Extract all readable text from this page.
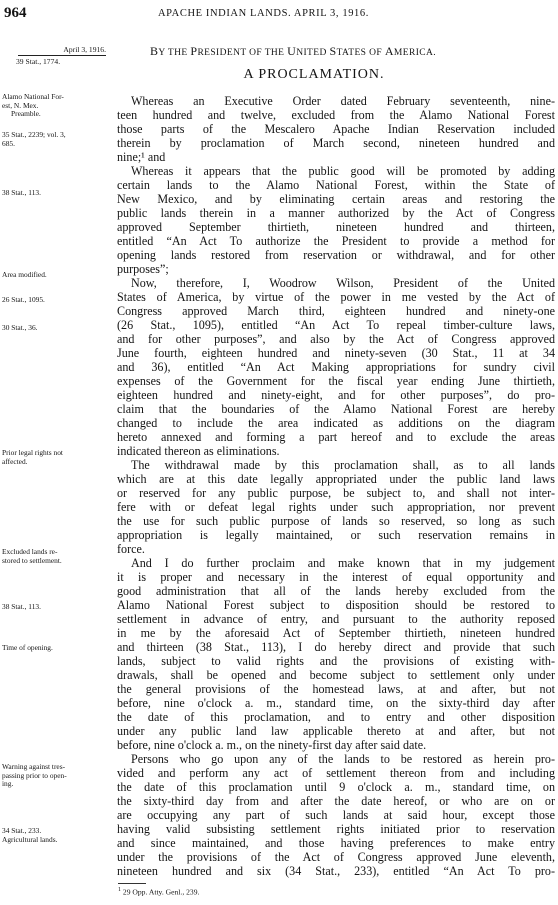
964	APACHE INDIAN LANDS. APRIL 3, 1916.
April 3, 1916.
39 Stat., 1774.
BY THE PRESIDENT OF THE UNITED STATES OF AMERICA.
A PROCLAMATION.
Alamo National For-
est, N. Mex.
Preamble.
35 Stat., 2239; vol. 3,
685.
38 Stat., 113.
Area modified.
26 Stat., 1095.
30 Stat., 36.
Prior legal rights not
affected.
Excluded lands re-
stored to settlement.
38 Stat., 113.
Time of opening.
Warning against tres-
passing prior to open-
ing.
34 Stat., 233.
Agricultural lands.
Whereas an Executive Order dated February seventeenth, nine-
teen hundred and twelve, excluded from the Alamo National Forest
those parts of the Mescalero Apache Indian Reservation included
therein by proclamation of March second, nineteen hundred and
nine;¹ and
Whereas it appears that the public good will be promoted by adding
certain lands to the Alamo National Forest, within the State of
New Mexico, and by eliminating certain areas and restoring the
public lands therein in a manner authorized by the Act of Congress
approved September thirtieth, nineteen hundred and thirteen,
entitled “An Act To authorize the President to provide a method for
opening lands restored from reservation or withdrawal, and for other
purposes”;
Now, therefore, I, Woodrow Wilson, President of the United
States of America, by virtue of the power in me vested by the Act of
Congress approved March third, eighteen hundred and ninety-one
(26 Stat., 1095), entitled “An Act To repeal timber-culture laws,
and for other purposes”, and also by the Act of Congress approved
June fourth, eighteen hundred and ninety-seven (30 Stat., 11 at 34
and 36), entitled “An Act Making appropriations for sundry civil
expenses of the Government for the fiscal year ending June thirtieth,
eighteen hundred and ninety-eight, and for other purposes”, do pro-
claim that the boundaries of the Alamo National Forest are hereby
changed to include the area indicated as additions on the diagram
hereto annexed and forming a part hereof and to exclude the areas
indicated thereon as eliminations.
The withdrawal made by this proclamation shall, as to all lands
which are at this date legally appropriated under the public land laws
or reserved for any public purpose, be subject to, and shall not inter-
fere with or defeat legal rights under such appropriation, nor prevent
the use for such public purpose of lands so reserved, so long as such
appropriation is legally maintained, or such reservation remains in
force.
And I do further proclaim and make known that in my judgement
it is proper and necessary in the interest of equal opportunity and
good administration that all of the lands hereby excluded from the
Alamo National Forest subject to disposition should be restored to
settlement in advance of entry, and pursuant to the authority reposed
in me by the aforesaid Act of September thirtieth, nineteen hundred
and thirteen (38 Stat., 113), I do hereby direct and provide that such
lands, subject to valid rights and the provisions of existing with-
drawals, shall be opened and become subject to settlement only under
the general provisions of the homestead laws, at and after, but not
before, nine o'clock a. m., standard time, on the sixty-third day after
the date of this proclamation, and to entry and other disposition
under any public land law applicable thereto at and after, but not
before, nine o'clock a. m., on the ninety-first day after said date.
Persons who go upon any of the lands to be restored as herein pro-
vided and perform any act of settlement thereon from and including
the date of this proclamation until 9 o'clock a. m., standard time, on
the sixty-third day from and after the date hereof, or who are on or
are occupying any part of such lands at said hour, except those
having valid subsisting settlement rights initiated prior to reservation
and since maintained, and those having preferences to make entry
under the provisions of the Act of Congress approved June eleventh,
nineteen hundred and six (34 Stat., 233), entitled “An Act To pro-
$^1$ 29 Opp. Atty. Genl., 239.
